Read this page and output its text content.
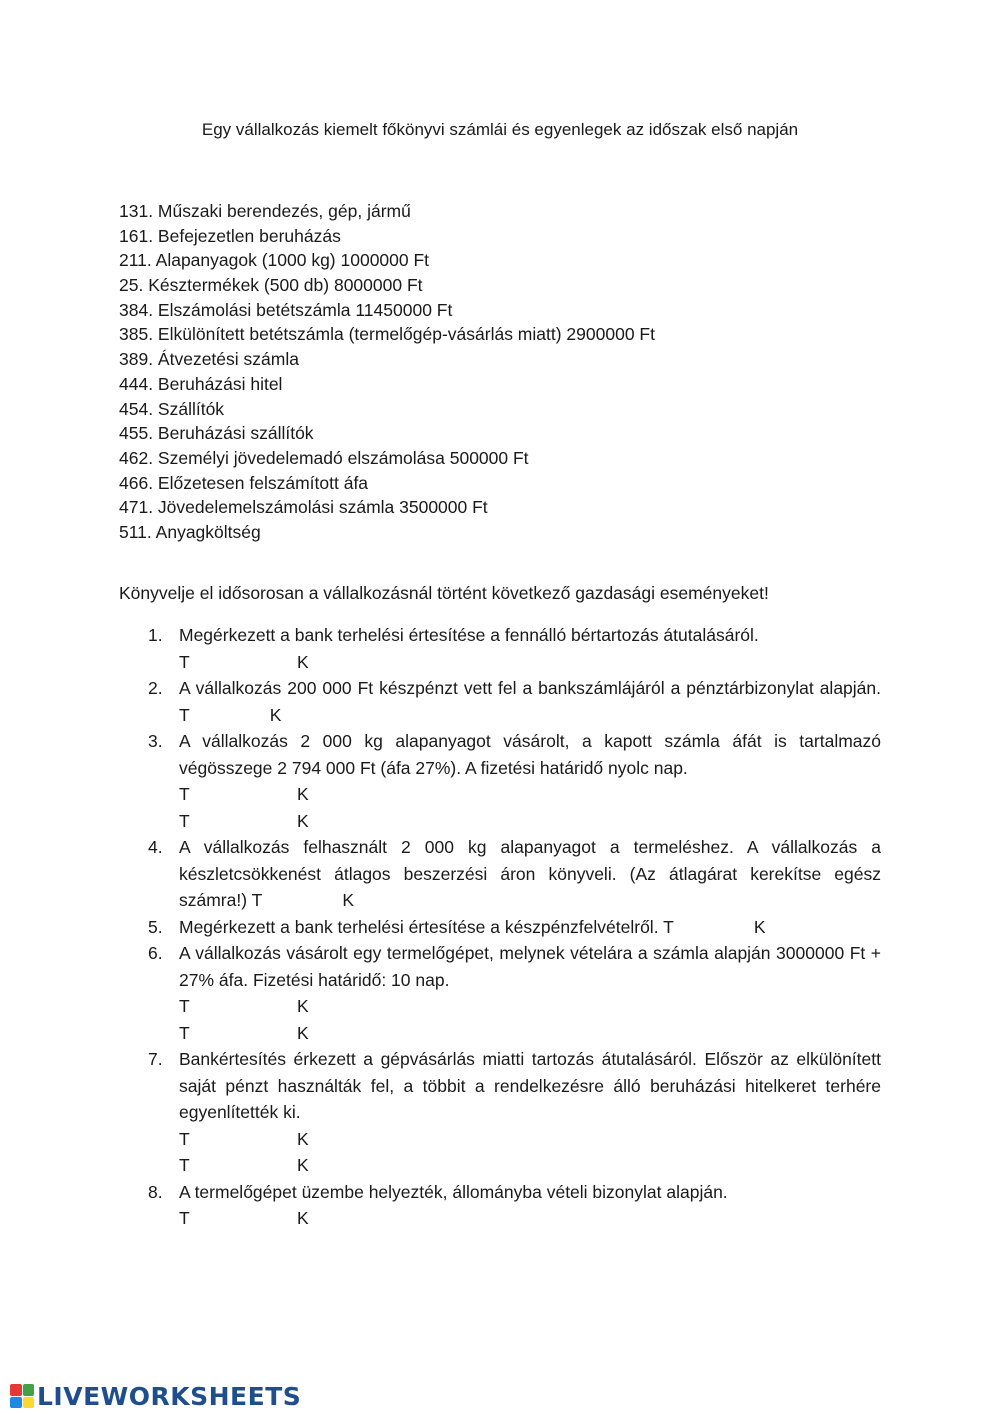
Egy vállalkozás kiemelt főkönyvi számlái és egyenlegek az időszak első napján
131. Műszaki berendezés, gép, jármű
161. Befejezetlen beruházás
211. Alapanyagok (1000 kg) 1000000 Ft
25. Késztermékek (500 db) 8000000 Ft
384. Elszámolási betétszámla 11450000 Ft
385. Elkülönített betétszámla (termelőgép-vásárlás miatt) 2900000 Ft
389. Átvezetési számla
444. Beruházási hitel
454. Szállítók
455. Beruházási szállítók
462. Személyi jövedelemadó elszámolása 500000 Ft
466. Előzetesen felszámított áfa
471. Jövedelemelszámolási számla 3500000 Ft
511. Anyagköltség
Könyvelje el idősorosan a vállalkozásnál történt következő gazdasági eseményeket!
1. Megérkezett a bank terhelési értesítése a fennálló bértartozás átutalásáról.
T	K
2. A vállalkozás 200 000 Ft készpénzt vett fel a bankszámlájáról a pénztárbizonylat alapján. T	K
3. A vállalkozás 2 000 kg alapanyagot vásárolt, a kapott számla áfát is tartalmazó végösszege 2 794 000 Ft (áfa 27%). A fizetési határidő nyolc nap.
T	K
T	K
4. A vállalkozás felhasznált 2 000 kg alapanyagot a termeléshez. A vállalkozás a készletcsökkenést átlagos beszerzési áron könyveli. (Az átlagárat kerekítse egész számra!) T	K
5. Megérkezett a bank terhelési értesítése a készpénzfelvételről. T	K
6. A vállalkozás vásárolt egy termelőgépet, melynek vételára a számla alapján 3000000 Ft + 27% áfa. Fizetési határidő: 10 nap.
T	K
T	K
7. Bankértesítés érkezett a gépvásárlás miatti tartozás átutalásáról. Először az elkülönített saját pénzt használták fel, a többit a rendelkezésre álló beruházási hitelkeret terhére egyenlítették ki.
T	K
T	K
8. A termelőgépet üzembe helyezték, állományba vételi bizonylat alapján.
T	K
LIVEWORKSHEETS
